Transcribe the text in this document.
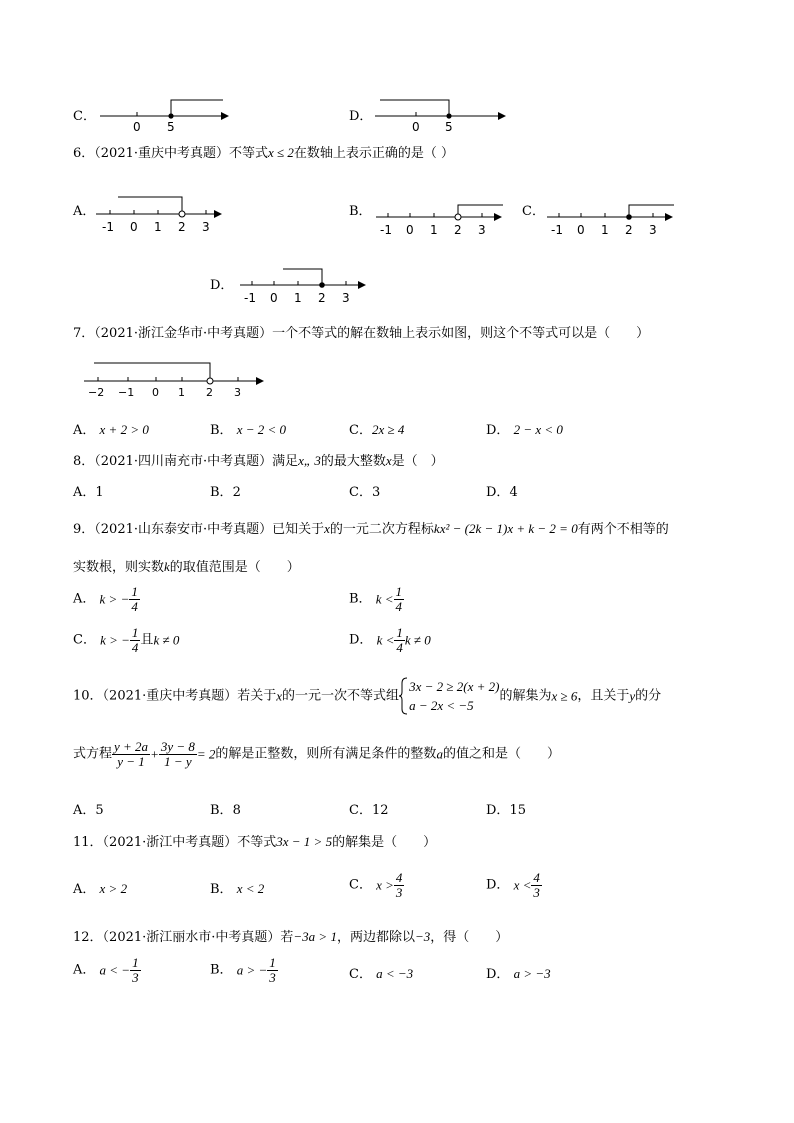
C．
0 5
D．
0 5
6．（2021·重庆中考真题）不等式x ≤ 2在数轴上表示正确的是（ ）
A．
-1 0 1 2 3
B．
-1 0 1 2 3
C．
-1 0 1 2 3
D．
-1 0 1 2 3
7．（2021·浙江金华市·中考真题）一个不等式的解在数轴上表示如图，则这个不等式可以是（　　）
−2 −1 0 1 2 3
A． x + 2 > 0	B． x − 2 < 0	C．2x ≥ 4	D． 2 − x < 0
8．（2021·四川南充市·中考真题）满足x„ 3的最大整数x是（　）
A．1	B．2	C．3	D．4
9．（2021·山东泰安市·中考真题）已知关于x的一元二次方程标kx² − (2k − 1)x + k − 2 = 0有两个不相等的
实数根，则实数k的取值范围是（　　）
A． k > − $\frac{1}{4}$	B． $k < \frac{1}{4}$
C． k > − $\frac{1}{4}$ 且k ≠ 0	D． $k < \frac{1}{4}$ k ≠ 0
10．（2021·重庆中考真题）若关于x的一元一次不等式组
3x − 2 ≥ 2(x + 2)
a − 2x < −5
的解集为x ≥ 6，且关于y的分
式方程 $\frac{y + 2a}{y - 1} + \frac{3y - 8}{1 - y} = 2$的解是正整数，则所有满足条件的整数a的值之和是（　　）
A．5	B．8	C．12	D．15
11．（2021·浙江中考真题）不等式3x − 1 > 5的解集是（　　）
A． x > 2	B． x < 2	C． $x > \frac{4}{3}$	D． $x < \frac{4}{3}$
12．（2021·浙江丽水市·中考真题）若−3a > 1，两边都除以−3，得（　　）
A． a < − $\frac{1}{3}$	B． a > − $\frac{1}{3}$	C． a < −3	D． a > −3
